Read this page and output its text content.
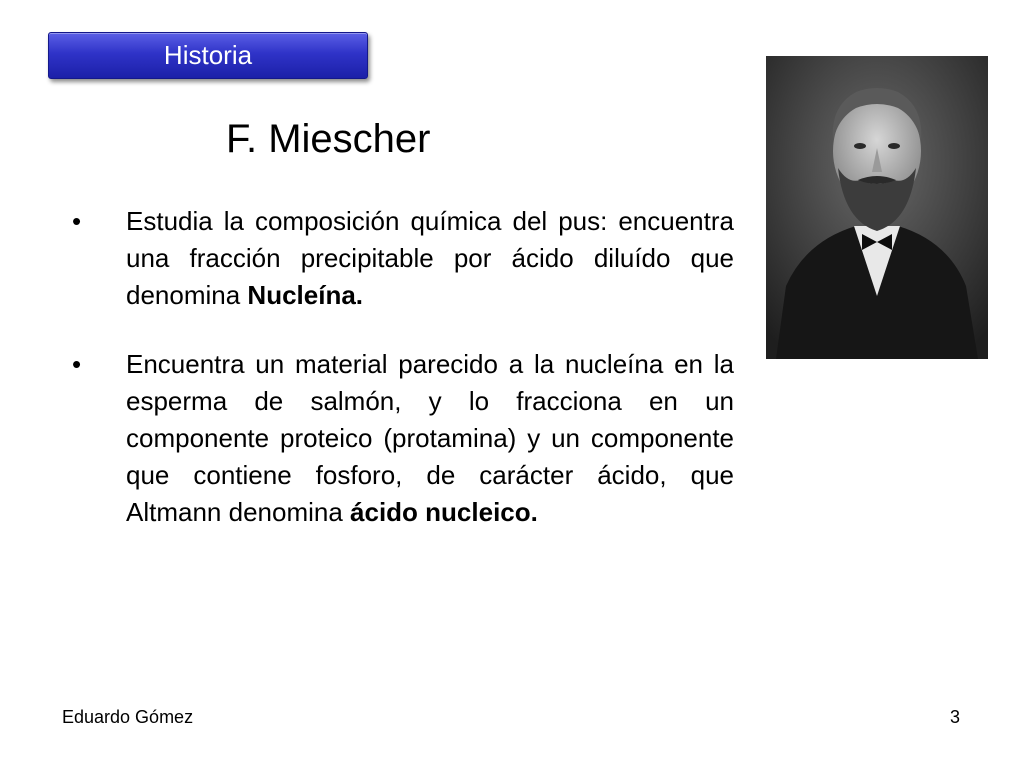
Historia
F. Miescher
•	Estudia la composición química del pus: encuentra una fracción precipitable por ácido diluído que denomina Nucleína.
•	Encuentra un material parecido a la nucleína en la esperma de salmón, y lo fracciona en un componente proteico (protamina) y un componente que contiene fosforo, de carácter ácido, que Altmann denomina ácido nucleico.
Eduardo Gómez	3
